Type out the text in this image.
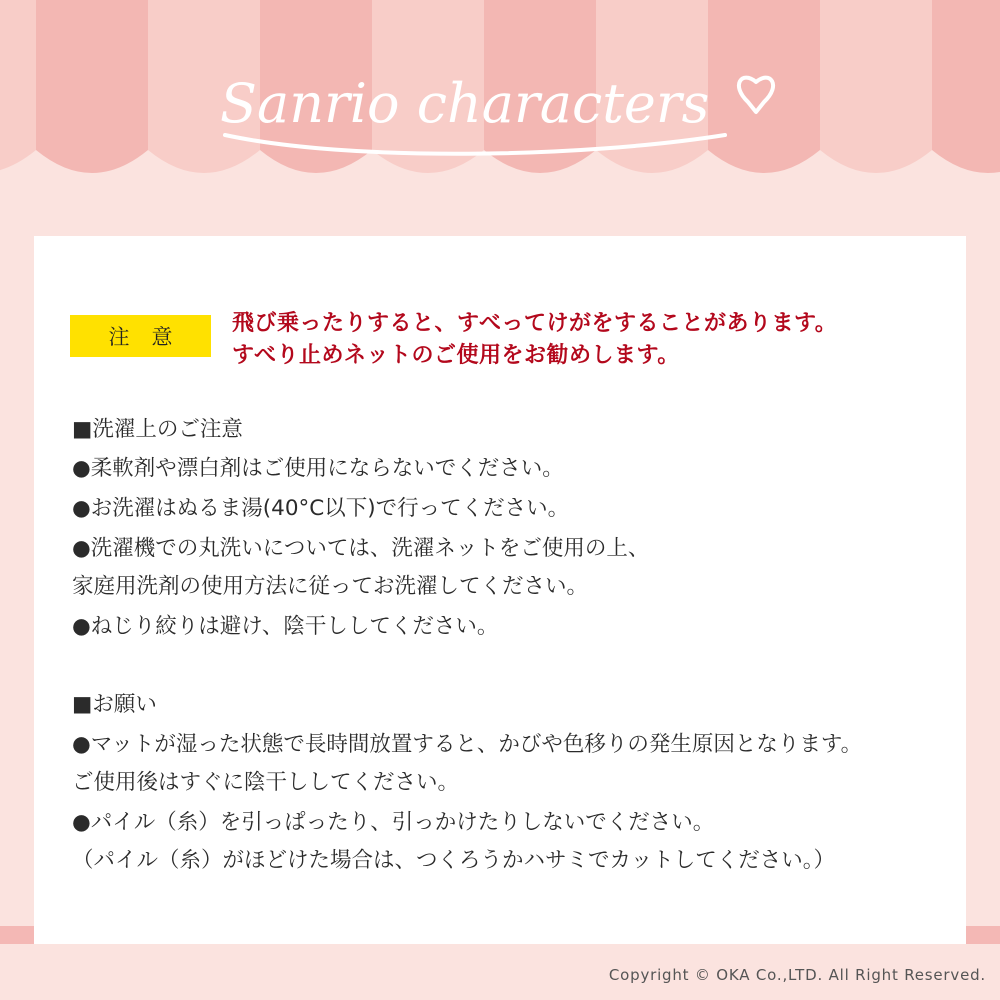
Sanrio characters
注意
飛び乗ったりすると、すべってけがをすることがあります。
すべり止めネットのご使用をお勧めします。
■洗濯上のご注意
●柔軟剤や漂白剤はご使用にならないでください。
●お洗濯はぬるま湯(40°C以下)で行ってください。
●洗濯機での丸洗いについては、洗濯ネットをご使用の上、
家庭用洗剤の使用方法に従ってお洗濯してください。
●ねじり絞りは避け、陰干ししてください。
■お願い
●マットが湿った状態で長時間放置すると、かびや色移りの発生原因となります。
ご使用後はすぐに陰干ししてください。
●パイル（糸）を引っぱったり、引っかけたりしないでください。
（パイル（糸）がほどけた場合は、つくろうかハサミでカットしてください。）
Copyright © OKA Co.,LTD. All Right Reserved.
